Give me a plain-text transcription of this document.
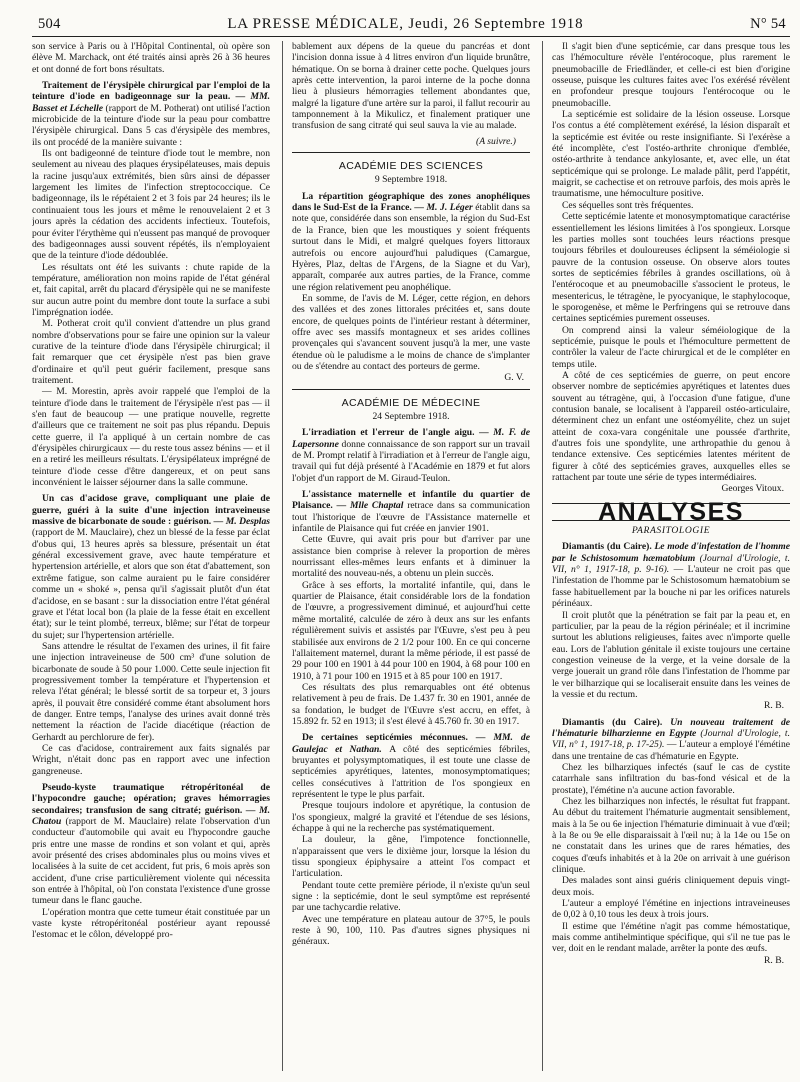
504	LA PRESSE MÉDICALE, Jeudi, 26 Septembre 1918	N° 54

son service à Paris ou à l'Hôpital Continental, où opère son élève M. Marchack, ont été traités ainsi après 26 à 36 heures et ont donné de fort bons résultats.

Traitement de l'érysipèle chirurgical par l'emploi de la teinture d'iode en badigeonnage sur la peau. — MM. Basset et Léchelle (rapport de M. Potherat) ont utilisé l'action microbicide de la teinture d'iode sur la peau pour combattre l'érysipèle chirurgical. Dans 5 cas d'érysipèle des membres, ils ont procédé de la manière suivante :

Ils ont badigeonné de teinture d'iode tout le membre, non seulement au niveau des plaques érysipélateuses, mais depuis la racine jusqu'aux extrémités, bien sûrs ainsi de dépasser largement les limites de l'infection streptococcique. Ce badigeonnage, ils le répétaient 2 et 3 fois par 24 heures; ils le continuaient tous les jours et même le renouvelaient 2 et 3 jours après la cédation des accidents infectieux. Toutefois, pour éviter l'érythème qui n'eussent pas manqué de provoquer des badigeonnages aussi souvent répétés, ils n'employaient que de la teinture d'iode dédoublée.

Les résultats ont été les suivants : chute rapide de la température, amélioration non moins rapide de l'état général et, fait capital, arrêt du placard d'érysipèle qui ne se manifeste sur aucun autre point du membre dont toute la surface a subi l'imprégnation iodée.

M. Potherat croit qu'il convient d'attendre un plus grand nombre d'observations pour se faire une opinion sur la valeur curative de la teinture d'iode dans l'érysipèle chirurgical; il fait remarquer que cet érysipèle n'est pas bien grave d'ordinaire et qu'il peut guérir facilement, presque sans traitement.

— M. Morestin, après avoir rappelé que l'emploi de la teinture d'iode dans le traitement de l'érysipèle n'est pas — il s'en faut de beaucoup — une pratique nouvelle, regrette d'ailleurs que ce traitement ne soit pas plus répandu. Depuis cette guerre, il l'a appliqué à un certain nombre de cas d'érysipèles chirurgicaux — du reste tous assez bénins — et il en a retiré les meilleurs résultats. L'érysipélateux imprégné de teinture d'iode cesse d'être dangereux, et on peut sans inconvénient le laisser séjourner dans la salle commune.

Un cas d'acidose grave, compliquant une plaie de guerre, guéri à la suite d'une injection intraveineuse massive de bicarbonate de soude : guérison. — M. Desplas (rapport de M. Mauclaire), chez un blessé de la fesse par éclat d'obus qui, 13 heures après sa blessure, présentait un état général excessivement grave, avec haute température et hypertension artérielle, et alors que son état d'abattement, son extrême fatigue, son calme auraient pu le faire considérer comme un « shoké », pensa qu'il s'agissait plutôt d'un état d'acidose, en se basant : sur la dissociation entre l'état général grave et l'état local bon (la plaie de la fesse était en excellent état); sur le teint plombé, terreux, blême; sur l'état de torpeur du sujet; sur l'hypertension artérielle.

Sans attendre le résultat de l'examen des urines, il fit faire une injection intraveineuse de 500 cm³ d'une solution de bicarbonate de soude à 50 pour 1.000. Cette seule injection fit progressivement tomber la température et l'hypertension et releva l'état général; le blessé sortit de sa torpeur et, 3 jours après, il pouvait être considéré comme étant absolument hors de danger. Entre temps, l'analyse des urines avait donné très nettement la réaction de l'acide diacétique (réaction de Gerhardt au perchlorure de fer).

Ce cas d'acidose, contrairement aux faits signalés par Wright, n'était donc pas en rapport avec une infection gangreneuse.

Pseudo-kyste traumatique rétropéritonéal de l'hypocondre gauche; opération; graves hémorragies secondaires; transfusion de sang citraté; guérison. — M. Chatou (rapport de M. Mauclaire) relate l'observation d'un conducteur d'automobile qui avait eu l'hypocondre gauche pris entre une masse de rondins et son volant et qui, après avoir présenté des crises abdominales plus ou moins vives et localisées à la suite de cet accident, fut pris, 6 mois après son accident, d'une crise particulièrement violente qui nécessita son entrée à l'hôpital, où l'on constata l'existence d'une grosse tumeur dans le flanc gauche.

L'opération montra que cette tumeur était constituée par un vaste kyste rétropéritonéal postérieur ayant repoussé l'estomac et le côlon, développé pro-

bablement aux dépens de la queue du pancréas et dont l'incision donna issue à 4 litres environ d'un liquide brunâtre, hématique. On se borna à drainer cette poche. Quelques jours après cette intervention, la paroi interne de la poche donna lieu à plusieurs hémorragies tellement abondantes que, malgré la ligature d'une artère sur la paroi, il fallut recourir au tamponnement à la Mikulicz, et finalement pratiquer une transfusion de sang citraté qui seul sauva la vie au malade.

(A suivre.)
ACADÉMIE DES SCIENCES
9 Septembre 1918.
La répartition géographique des zones anophéliques dans le Sud-Est de la France. — M. J. Léger établit dans sa note que, considérée dans son ensemble, la région du Sud-Est de la France, bien que les moustiques y soient fréquents surtout dans le Midi, et malgré quelques foyers littoraux autrefois ou encore aujourd'hui paludiques (Camargue, Hyères, Plaz, deltas de l'Argens, de la Siagne et du Var), apparaît, comparée aux autres parties, de la France, comme une région relativement peu anophélique.

En somme, de l'avis de M. Léger, cette région, en dehors des vallées et des zones littorales précitées et, sans doute encore, de quelques points de l'intérieur restant à déterminer, offre avec ses massifs montagneux et ses arides collines provençales qui s'avancent souvent jusqu'à la mer, une vaste étendue où le paludisme a le moins de chance de s'implanter ou de s'étendre au contact des porteurs de germe.

G. V.
ACADÉMIE DE MÉDECINE
24 Septembre 1918.
L'irradiation et l'erreur de l'angle aigu. — M. F. de Lapersonne donne connaissance de son rapport sur un travail de M. Prompt relatif à l'irradiation et à l'erreur de l'angle aigu, travail qui fut déjà présenté à l'Académie en 1879 et fut alors l'objet d'un rapport de M. Giraud-Teulon.
L'assistance maternelle et infantile du quartier de Plaisance. — Mlle Chaptal retrace dans sa communication tout l'historique de l'œuvre de l'Assistance maternelle et infantile de Plaisance qui fut créée en janvier 1901.

Cette Œuvre, qui avait pris pour but d'arriver par une assistance bien comprise à relever la proportion de mères nourrissant elles-mêmes leurs enfants et à diminuer la mortalité des nouveau-nés, a obtenu un plein succès.

Grâce à ses efforts, la mortalité infantile, qui, dans le quartier de Plaisance, était considérable lors de la fondation de l'œuvre, a progressivement diminué, et aujourd'hui cette même mortalité, calculée de zéro à deux ans sur les enfants régulièrement suivis et assistés par l'Œuvre, s'est peu à peu stabilisée aux environs de 2 1/2 pour 100. En ce qui concerne l'allaitement maternel, durant la même période, il est passé de 29 pour 100 en 1901 à 44 pour 100 en 1904, à 68 pour 100 en 1910, à 71 pour 100 en 1915 et à 85 pour 100 en 1917.

Ces résultats des plus remarquables ont été obtenus relativement à peu de frais. De 1.437 fr. 30 en 1901, année de sa fondation, le budget de l'Œuvre s'est accru, en effet, à 15.892 fr. 52 en 1913; il s'est élevé à 45.760 fr. 30 en 1917.

De certaines septicémies méconnues. — MM. de Gaulejac et Nathan. A côté des septicémies fébriles, bruyantes et polysymptomatiques, il est toute une classe de septicémies apyrétiques, latentes, monosymptomatiques; celles consécutives à l'attrition de l'os spongieux en représentent le type le plus parfait.

Presque toujours indolore et apyrétique, la contusion de l'os spongieux, malgré la gravité et l'étendue de ses lésions, échappe à qui ne la recherche pas systématiquement.

La douleur, la gêne, l'impotence fonctionnelle, n'apparaissent que vers le dixième jour, lorsque la lésion du tissu spongieux épiphysaire a atteint l'os compact et l'articulation.

Pendant toute cette première période, il n'existe qu'un seul signe : la septicémie, dont le seul symptôme est représenté par une tachycardie relative.

Avec une température en plateau autour de 37°5, le pouls reste à 90, 100, 110. Pas d'autres signes physiques ni généraux.

Il s'agit bien d'une septicémie, car dans presque tous les cas l'hémoculture révèle l'entérocoque, plus rarement le pneumobacille de Friedländer, et celle-ci est bien d'origine osseuse, puisque les cultures faites avec l'os exérésé révèlent en profondeur presque toujours l'entérocoque ou le pneumobacille.

La septicémie est solidaire de la lésion osseuse. Lorsque l'os contus a été complètement exérésé, la lésion disparaît et la septicémie est évitée ou reste insignifiante. Si l'exérèse a été incomplète, c'est l'ostéo-arthrite chronique d'emblée, ostéo-arthrite à tendance ankylosante, et, avec elle, un état septicémique qui se prolonge. Le malade pâlit, perd l'appétit, maigrit, se cachectise et on retrouve parfois, des mois après le traumatisme, une hémoculture positive.

Ces séquelles sont très fréquentes.

Cette septicémie latente et monosymptomatique caractérise essentiellement les lésions limitées à l'os spongieux. Lorsque les parties molles sont touchées leurs réactions presque toujours fébriles et douloureuses éclipsent la séméiologie si pauvre de la contusion osseuse. On observe alors toutes sortes de septicémies fébriles à grandes oscillations, où à l'entérocoque et au pneumobacille s'associent le proteus, le mesentericus, le tétragène, le pyocyanique, le staphylocoque, le sporogenèse, et même le Perfringens qui se retrouve dans certaines septicémies purement osseuses.

On comprend ainsi la valeur séméiologique de la septicémie, puisque le pouls et l'hémoculture permettent de contrôler la valeur de l'acte chirurgical et de le compléter en temps utile.

A côté de ces septicémies de guerre, on peut encore observer nombre de septicémies apyrétiques et latentes dues souvent au tétragène, qui, à l'occasion d'une fatigue, d'une contusion banale, se localisent à l'appareil ostéo-articulaire, déterminent chez un enfant une ostéomyélite, chez un sujet atteint de coxa-vara congénitale une poussée d'arthrite, d'autres fois une spondylite, une arthropathie du genou à tendance extensive. Ces septicémies latentes méritent de figurer à côté des septicémies graves, auxquelles elles se rattachent par toute une série de types intermédiaires.

Georges Vitoux.
ANALYSES
PARASITOLOGIE

Diamantis (du Caire). Le mode d'infestation de l'homme par le Schistosomum hæmatobium (Journal d'Urologie, t. VII, n° 1, 1917-18, p. 9-16). — L'auteur ne croit pas que l'infestation de l'homme par le Schistosomum hæmatobium se fasse habituellement par la bouche ni par les orifices naturels périnéaux.

Il croit plutôt que la pénétration se fait par la peau et, en particulier, par la peau de la région périnéale; et il incrimine surtout les ablutions religieuses, faites avec n'importe quelle eau. Lors de l'ablution génitale il existe toujours une certaine congestion veineuse de la verge, et la veine dorsale de la verge jouerait un grand rôle dans l'infestation de l'homme par le ver bilharzique qui se localiserait ensuite dans les veines de la vessie et du rectum.

R. B.

Diamantis (du Caire). Un nouveau traitement de l'hématurie bilharzienne en Egypte (Journal d'Urologie, t. VII, n° 1, 1917-18, p. 17-25). — L'auteur a employé l'émétine dans une trentaine de cas d'hématurie en Egypte.

Chez les bilharziques infectés (sauf le cas de cystite catarrhale sans infiltration du bas-fond vésical et de la prostate), l'émétine n'a aucune action favorable.

Chez les bilharziques non infectés, le résultat fut frappant. Au début du traitement l'hématurie augmentait sensiblement, mais à la 5e ou 6e injection l'hématurie diminuait à vue d'œil; à la 8e ou 9e elle disparaissait à l'œil nu; à la 14e ou 15e on ne constatait dans les urines que de rares hématies, des coques d'œufs inhabités et à la 20e on arrivait à une guérison clinique.

Des malades sont ainsi guéris cliniquement depuis vingt-deux mois.

L'auteur a employé l'émétine en injections intraveineuses de 0,02 à 0,10 tous les deux à trois jours.

Il estime que l'émétine n'agit pas comme hémostatique, mais comme antihelmintique spécifique, qui s'il ne tue pas le ver, doit en le rendant malade, arrêter la ponte des œufs.

R. B.
